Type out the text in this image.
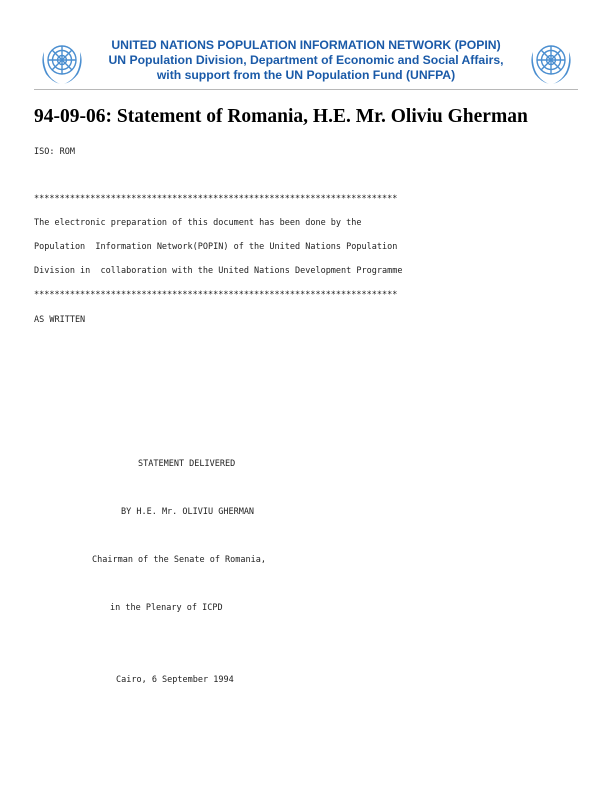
UNITED NATIONS POPULATION INFORMATION NETWORK (POPIN)
UN Population Division, Department of Economic and Social Affairs,
with support from the UN Population Fund (UNFPA)
94-09-06: Statement of Romania, H.E. Mr. Oliviu Gherman

ISO: ROM

***********************************************************************

The electronic preparation of this document has been done by the

Population  Information Network(POPIN) of the United Nations Population

Division in  collaboration with the United Nations Development Programme

***********************************************************************

AS WRITTEN

STATEMENT DELIVERED

BY H.E. Mr. OLIVIU GHERMAN

Chairman of the Senate of Romania,

in the Plenary of ICPD

Cairo, 6 September 1994
